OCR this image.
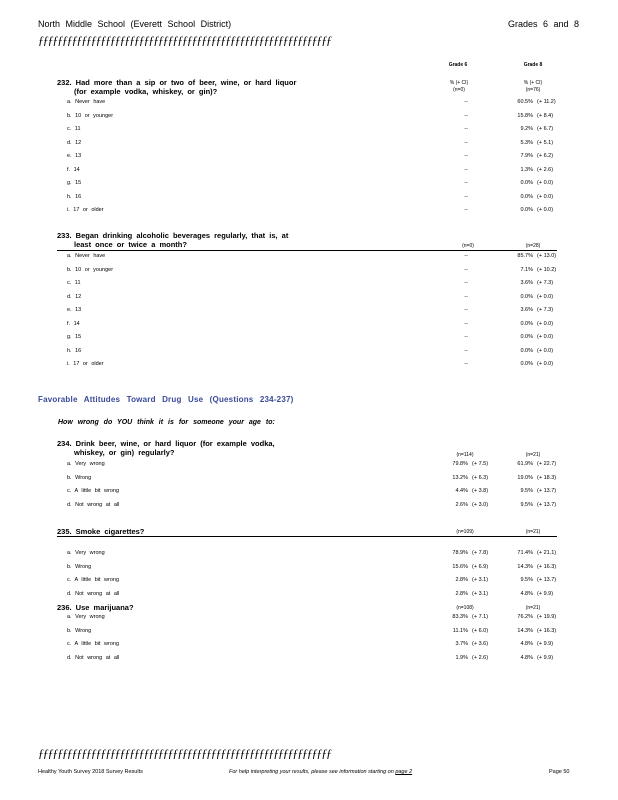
North Middle School (Everett School District)	Grades 6 and 8
ƒƒƒƒƒƒƒƒƒƒƒƒƒƒƒƒƒƒƒƒƒƒƒƒƒƒƒƒƒƒƒƒƒƒƒƒƒƒƒƒƒƒƒƒƒƒƒƒƒƒƒƒƒƒƒƒƒƒƒƒƒ
Grade 6	Grade 8
232. Had more than a sip or two of beer, wine, or hard liquor
(for example vodka, whiskey, or gin)?
% (+ CI)
(n=0)
% (+ CI)
(n=76)
a. Never have	--	60.5% (+ 11.2)
b. 10 or younger	--	15.8% (+ 8.4)
c. 11	--	9.2% (+ 6.7)
d. 12	--	5.3% (+ 5.1)
e. 13	--	7.9% (+ 6.2)
f. 14	--	1.3% (+ 2.6)
g. 15	--	0.0% (+ 0.0)
h. 16	--	0.0% (+ 0.0)
i. 17 or older	--	0.0% (+ 0.0)
233. Began drinking alcoholic beverages regularly, that is, at
least once or twice a month?	(n=0)	(n=28)
a. Never have	--	85.7% (+ 13.0)
b. 10 or younger	--	7.1% (+ 10.2)
c. 11	--	3.6% (+ 7.3)
d. 12	--	0.0% (+ 0.0)
e. 13	--	3.6% (+ 7.3)
f. 14	--	0.0% (+ 0.0)
g. 15	--	0.0% (+ 0.0)
h. 16	--	0.0% (+ 0.0)
i. 17 or older	--	0.0% (+ 0.0)
Favorable Attitudes Toward Drug Use (Questions 234-237)
How wrong do YOU think it is for someone your age to:
234. Drink beer, wine, or hard liquor (for example vodka,
whiskey, or gin) regularly?	(n=114)	(n=21)
a. Very wrong	79.8% (+ 7.5)	61.9% (+ 22.7)
b. Wrong	13.2% (+ 6.3)	19.0% (+ 18.3)
c. A little bit wrong	4.4% (+ 3.8)	9.5% (+ 13.7)
d. Not wrong at all	2.6% (+ 3.0)	9.5% (+ 13.7)
235. Smoke cigarettes?	(n=109)	(n=21)
a. Very wrong	78.9% (+ 7.8)	71.4% (+ 21.1)
b. Wrong	15.6% (+ 6.9)	14.3% (+ 16.3)
c. A little bit wrong	2.8% (+ 3.1)	9.5% (+ 13.7)
d. Not wrong at all	2.8% (+ 3.1)	4.8% (+ 9.9)
236. Use marijuana?	(n=108)	(n=21)
a. Very wrong	83.3% (+ 7.1)	76.2% (+ 19.9)
b. Wrong	11.1% (+ 6.0)	14.3% (+ 16.3)
c. A little bit wrong	3.7% (+ 3.6)	4.8% (+ 9.9)
d. Not wrong at all	1.9% (+ 2.6)	4.8% (+ 9.9)
ƒƒƒƒƒƒƒƒƒƒƒƒƒƒƒƒƒƒƒƒƒƒƒƒƒƒƒƒƒƒƒƒƒƒƒƒƒƒƒƒƒƒƒƒƒƒƒƒƒƒƒƒƒƒƒƒƒƒƒƒƒ
Healthy Youth Survey 2018 Survey Results	For help interpreting your results, please see information starting on page 2	Page 50
